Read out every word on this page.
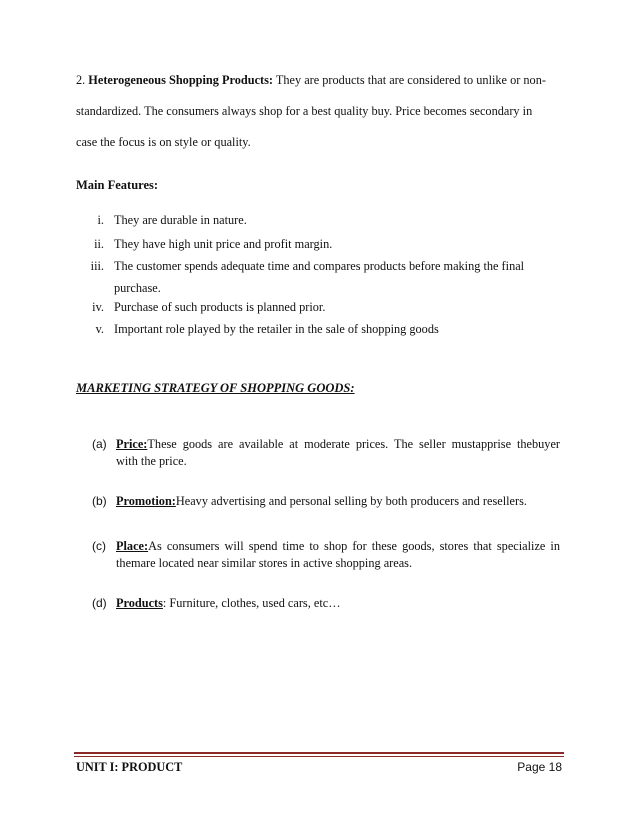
2. Heterogeneous Shopping Products: They are products that are considered to unlike or non-
standardized. The consumers always shop for a best quality buy. Price becomes secondary in
case the focus is on style or quality.
Main Features:
i. They are durable in nature.
ii. They have high unit price and profit margin.
iii. The customer spends adequate time and compares products before making the final
purchase.
iv. Purchase of such products is planned prior.
v. Important role played by the retailer in the sale of shopping goods
MARKETING STRATEGY OF SHOPPING GOODS:
(a) Price:These goods are available at moderate prices. The seller mustapprise thebuyer
with the price.
(b) Promotion:Heavy advertising and personal selling by both producers and resellers.
(c) Place:As consumers will spend time to shop for these goods, stores that specialize in
themare located near similar stores in active shopping areas.
(d) Products: Furniture, clothes, used cars, etc…
UNIT I: PRODUCT	Page 18
